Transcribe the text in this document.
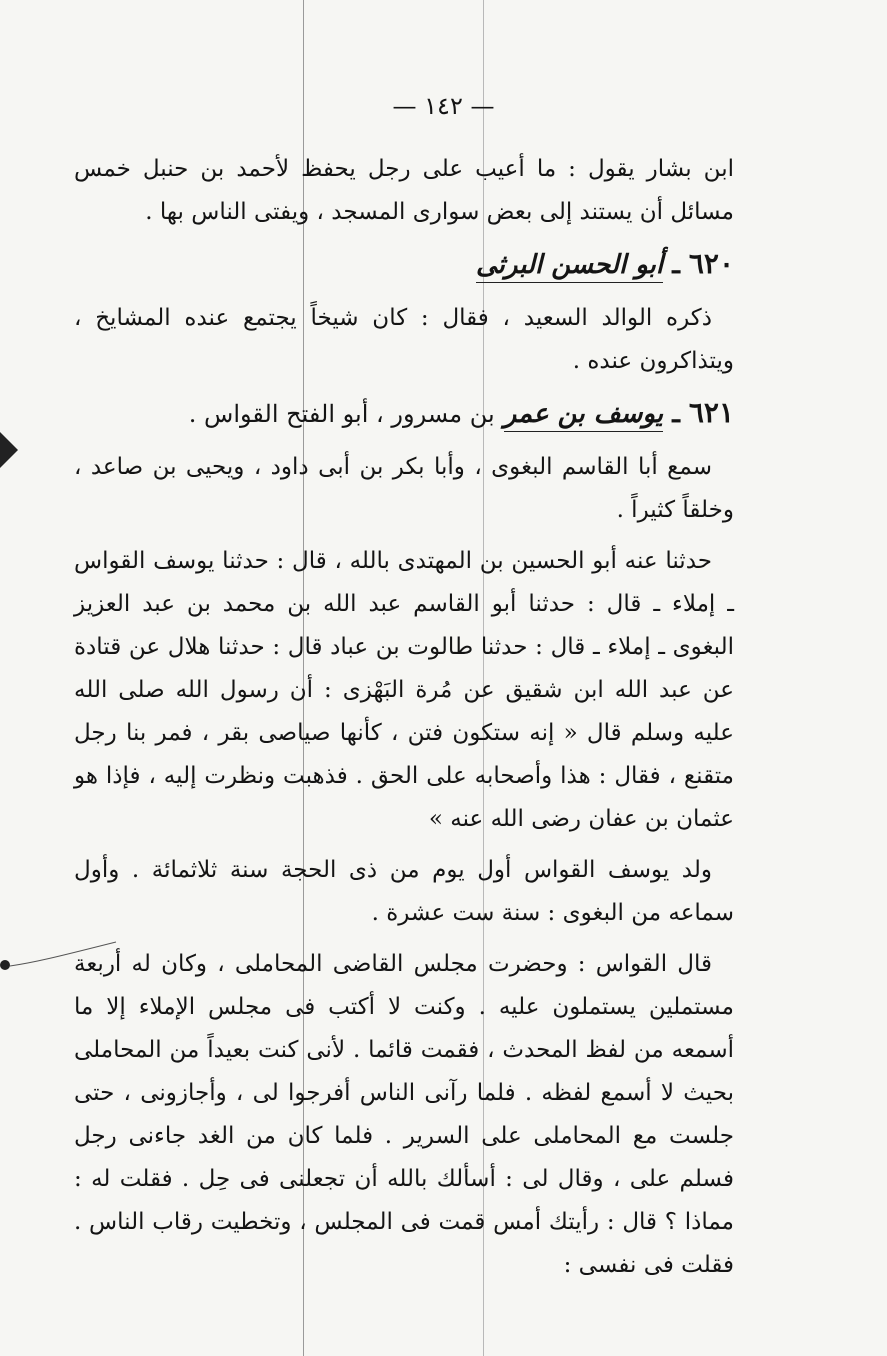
— ١٤٢ —

ابن بشار يقول : ما أعيب على رجل يحفظ لأحمد بن حنبل خمس مسائل أن يستند إلى بعض سوارى المسجد ، ويفتى الناس بها .

٦٢٠ ـ أبو الحسن البرثى

ذكره الوالد السعيد ، فقال : كان شيخاً يجتمع عنده المشايخ ، ويتذاكرون عنده .

٦٢١ ـ يوسف بن عمر بن مسرور ، أبو الفتح القواس .

سمع أبا القاسم البغوى ، وأبا بكر بن أبى داود ، ويحيى بن صاعد ، وخلقاً كثيراً .

حدثنا عنه أبو الحسين بن المهتدى بالله ، قال : حدثنا يوسف القواس ـ إملاء ـ قال : حدثنا أبو القاسم عبد الله بن محمد بن عبد العزيز البغوى ـ إملاء ـ قال : حدثنا طالوت بن عباد قال : حدثنا هلال عن قتادة عن عبد الله ابن شقيق عن مُرة البَهْزى : أن رسول الله صلى الله عليه وسلم قال « إنه ستكون فتن ، كأنها صياصى بقر ، فمر بنا رجل متقنع ، فقال : هذا وأصحابه على الحق . فذهبت ونظرت إليه ، فإذا هو عثمان بن عفان رضى الله عنه »

ولد يوسف القواس أول يوم من ذى الحجة سنة ثلاثمائة . وأول سماعه من البغوى : سنة ست عشرة .

قال القواس : وحضرت مجلس القاضى المحاملى ، وكان له أربعة مستملين يستملون عليه . وكنت لا أكتب فى مجلس الإملاء إلا ما أسمعه من لفظ المحدث ، فقمت قائما . لأنى كنت بعيداً من المحاملى بحيث لا أسمع لفظه . فلما رآنى الناس أفرجوا لى ، وأجازونى ، حتى جلست مع المحاملى على السرير . فلما كان من الغد جاءنى رجل فسلم على ، وقال لى : أسألك بالله أن تجعلنى فى حِل . فقلت له : مماذا ؟ قال : رأيتك أمس قمت فى المجلس ، وتخطيت رقاب الناس . فقلت فى نفسى :
